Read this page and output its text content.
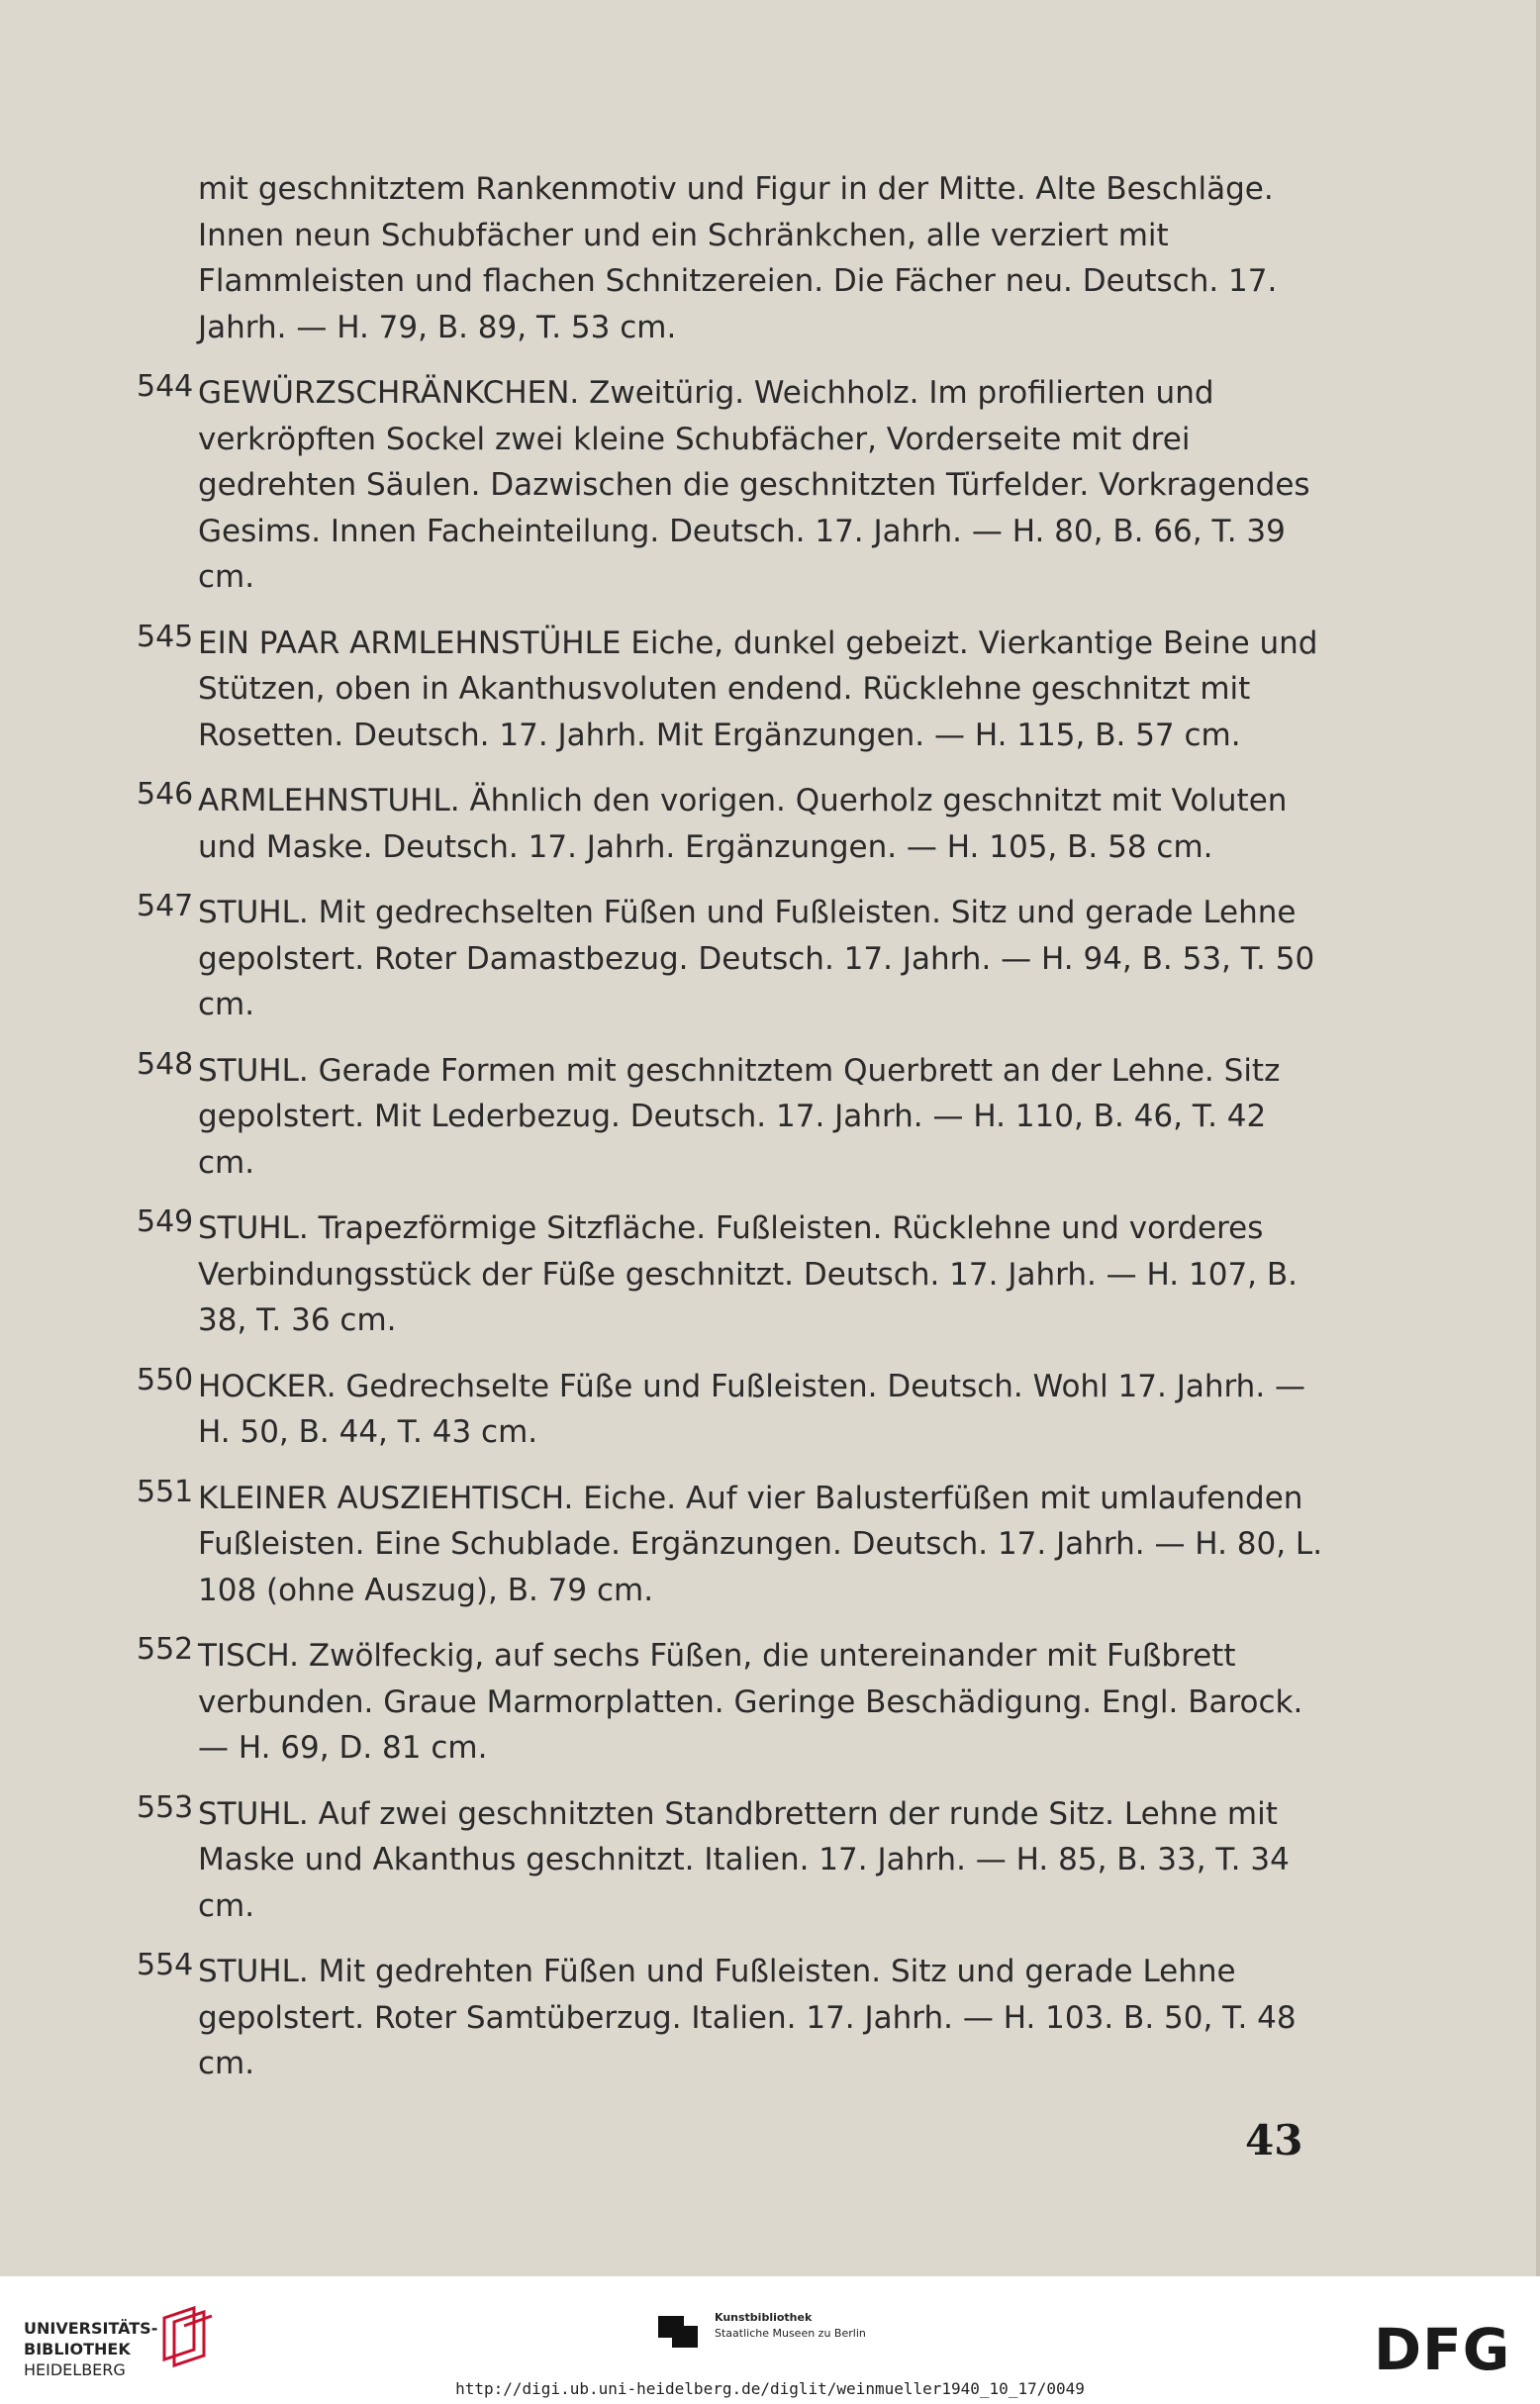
mit geschnitztem Rankenmotiv und Figur in der Mitte. Alte Beschläge. Innen neun Schubfächer und ein Schränkchen, alle verziert mit Flammleisten und flachen Schnitzereien. Die Fächer neu. Deutsch. 17. Jahrh. — H. 79, B. 89, T. 53 cm.
544 GEWÜRZSCHRÄNKCHEN. Zweitürig. Weichholz. Im profilierten und verkröpften Sockel zwei kleine Schubfächer, Vorderseite mit drei gedrehten Säulen. Dazwischen die geschnitzten Türfelder. Vorkragendes Gesims. Innen Facheinteilung. Deutsch. 17. Jahrh. — H. 80, B. 66, T. 39 cm.
545 EIN PAAR ARMLEHNSTÜHLE Eiche, dunkel gebeizt. Vierkantige Beine und Stützen, oben in Akanthusvoluten endend. Rücklehne geschnitzt mit Rosetten. Deutsch. 17. Jahrh. Mit Ergänzungen. — H. 115, B. 57 cm.
546 ARMLEHNSTUHL. Ähnlich den vorigen. Querholz geschnitzt mit Voluten und Maske. Deutsch. 17. Jahrh. Ergänzungen. — H. 105, B. 58 cm.
547 STUHL. Mit gedrechselten Füßen und Fußleisten. Sitz und gerade Lehne gepolstert. Roter Damastbezug. Deutsch. 17. Jahrh. — H. 94, B. 53, T. 50 cm.
548 STUHL. Gerade Formen mit geschnitztem Querbrett an der Lehne. Sitz gepolstert. Mit Lederbezug. Deutsch. 17. Jahrh. — H. 110, B. 46, T. 42 cm.
549 STUHL. Trapezförmige Sitzfläche. Fußleisten. Rücklehne und vorderes Verbindungsstück der Füße geschnitzt. Deutsch. 17. Jahrh. — H. 107, B. 38, T. 36 cm.
550 HOCKER. Gedrechselte Füße und Fußleisten. Deutsch. Wohl 17. Jahrh. — H. 50, B. 44, T. 43 cm.
551 KLEINER AUSZIEHTISCH. Eiche. Auf vier Balusterfüßen mit umlaufenden Fußleisten. Eine Schublade. Ergänzungen. Deutsch. 17. Jahrh. — H. 80, L. 108 (ohne Auszug), B. 79 cm.
552 TISCH. Zwölfeckig, auf sechs Füßen, die untereinander mit Fußbrett verbunden. Graue Marmorplatten. Geringe Beschädigung. Engl. Barock. — H. 69, D. 81 cm.
553 STUHL. Auf zwei geschnitzten Standbrettern der runde Sitz. Lehne mit Maske und Akanthus geschnitzt. Italien. 17. Jahrh. — H. 85, B. 33, T. 34 cm.
554 STUHL. Mit gedrehten Füßen und Fußleisten. Sitz und gerade Lehne gepolstert. Roter Samtüberzug. Italien. 17. Jahrh. — H. 103. B. 50, T. 48 cm.
43
UNIVERSITÄTS-
BIBLIOTHEK
HEIDELBERG
Kunstbibliothek
Staatliche Museen zu Berlin	DFG
http://digi.ub.uni-heidelberg.de/diglit/weinmueller1940_10_17/0049
